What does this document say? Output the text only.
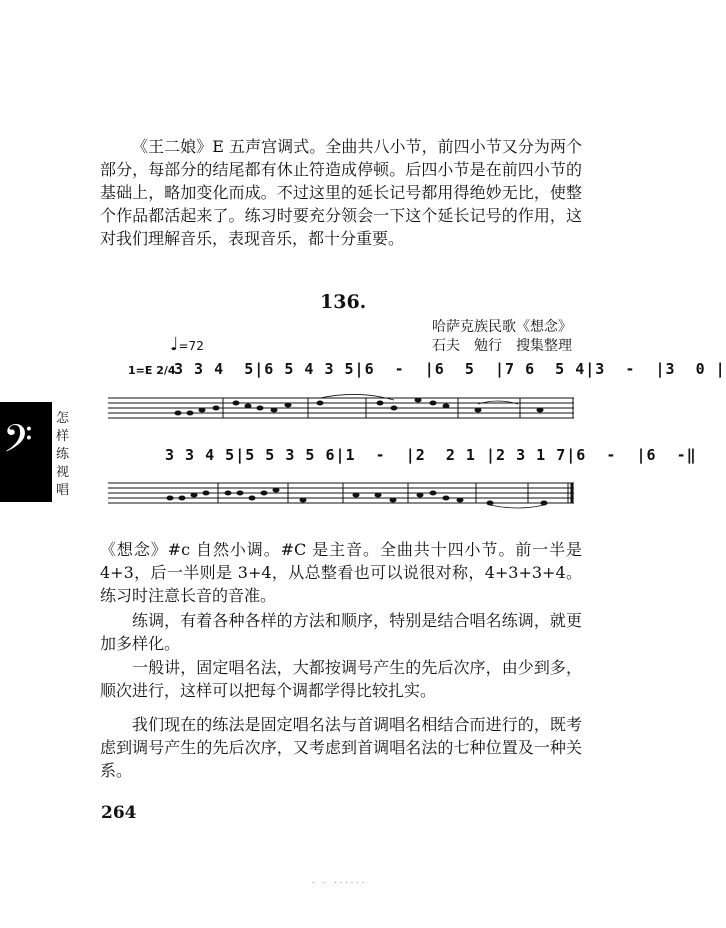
《王二娘》E 五声宫调式。全曲共八小节，前四小节又分为两个部分，每部分的结尾都有休止符造成停顿。后四小节是在前四小节的基础上，略加变化而成。不过这里的延长记号都用得绝妙无比，使整个作品都活起来了。练习时要充分领会一下这个延长记号的作用，这对我们理解音乐，表现音乐，都十分重要。
136.
哈萨克族民歌《想念》
石夫　勉行　搜集整理
♩=72
1=E 2/4
3 3 4  5|6 5 4 3 5|6  -  |6  5  |7 6  5 4|3  -  |3  0 |
3 3 4 5|5 5 3 5 6|1  -  |2  2 1 |2 3 1 7|6  -  |6  -‖
《想念》#c 自然小调。#C 是主音。全曲共十四小节。前一半是 4+3，后一半则是 3+4，从总整看也可以说很对称，4+3+3+4。练习时注意长音的音准。
练调，有着各种各样的方法和顺序，特别是结合唱名练调，就更加多样化。
一般讲，固定唱名法，大都按调号产生的先后次序，由少到多，顺次进行，这样可以把每个调都学得比较扎实。
我们现在的练法是固定唱名法与首调唱名相结合而进行的，既考虑到调号产生的先后次序，又考虑到首调唱名法的七种位置及一种关系。
𝄢 怎
样
练
视
唱
264
. . ......
